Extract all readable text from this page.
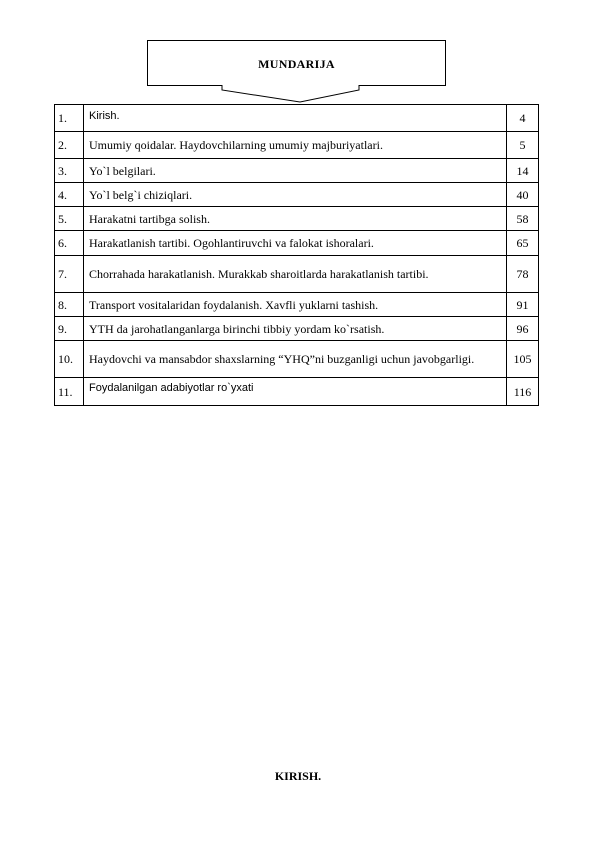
MUNDARIJA
1.	Kirish.	4
2.	Umumiy qoidalar. Haydovchilarning umumiy majburiyatlari.	5
3.	Yo`l belgilari.	14
4.	Yo`l belg`i chiziqlari.	40
5.	Harakatni tartibga solish.	58
6.	Harakatlanish tartibi. Ogohlantiruvchi va falokat ishoralari.	65
7.	Chorrahada harakatlanish. Murakkab sharoitlarda harakatlanish tartibi.	78
8.	Transport vositalaridan foydalanish. Xavfli yuklarni tashish.	91
9.	YTH da jarohatlanganlarga birinchi tibbiy yordam ko`rsatish.	96
10.	Haydovchi va mansabdor shaxslarning “YHQ”ni buzganligi uchun javobgarligi.	105
11.	Foydalanilgan adabiyotlar ro`yxati	116
KIRISH.
